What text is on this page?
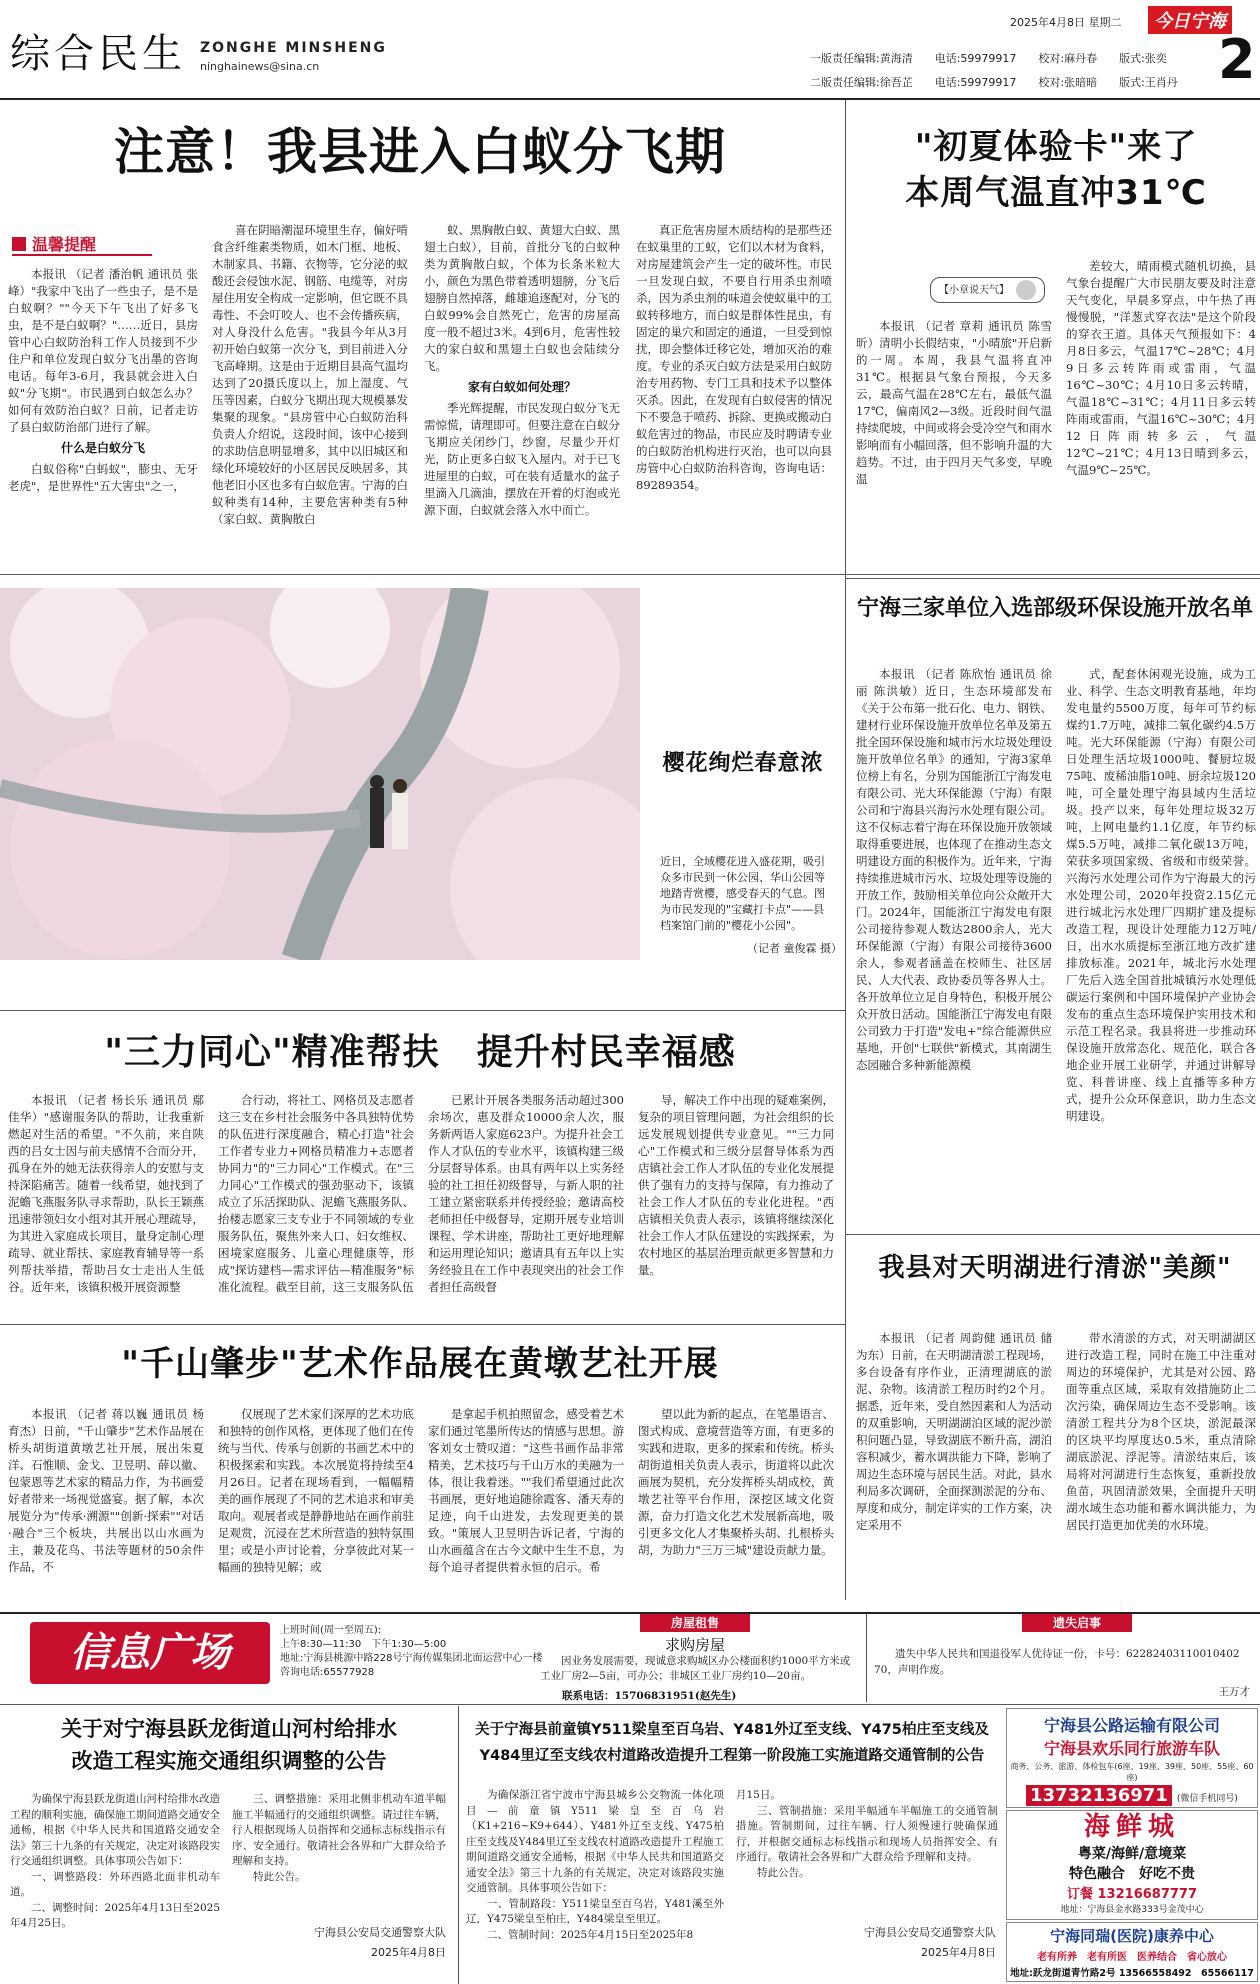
综合民生 ZONGHE MINSHENG
ninghainews@sina.cn
2025年4月8日 星期二	今日宁海
一版责任编辑:黄海清　　电话:59979917　　校对:麻丹春　　版式:张奕
二版责任编辑:徐吾芷　　电话:59979917　　校对:张暗暗　　版式:王肖丹 2
注意！我县进入白蚁分飞期
温馨提醒
本报讯 （记者 潘治帆 通讯员 张峰）"我家中飞出了一些虫子，是不是白蚁啊？""今天下午飞出了好多飞虫，是不是白蚁啊？"……近日，县房管中心白蚁防治科工作人员接到不少住户和单位发现白蚁分飞出墨的咨询电话。每年3-6月，我县就会进入白蚁"分飞期"。市民遇到白蚁怎么办？如何有效防治白蚁？日前，记者走访了县白蚁防治部门进行了解。
什么是白蚁分飞
白蚁俗称"白蚂蚁"，膨虫、无牙老虎"，是世界性"五大害虫"之一，
喜在阴暗潮湿环境里生存，偏好啃食含纤维素类物质，如木门框、地板、木制家具、书籍、衣物等，它分泌的蚁酸还会侵蚀水泥、钢筋、电缆等，对房屋住用安全构成一定影响，但它既不具毒性、不会叮咬人、也不会传播疾病，对人身没什么危害。"我县今年从3月初开始白蚁第一次分飞，到目前进入分飞高峰期。这是由于近期目县高气温均达到了20摄氏度以上，加上湿度、气压等因素，白蚁分飞期出现大规模暴发集聚的现象。"县房管中心白蚁防治科负责人介绍说，这段时间，该中心接到的求助信息明显增多，其中以旧城区和绿化环境较好的小区居民反映居多，其他老旧小区也多有白蚁危害。宁海的白蚁种类有14种，主要危害种类有5种（家白蚁、黄胸散白
蚁、黑胸散白蚁、黄翅大白蚁、黑翅土白蚁），目前，首批分飞的白蚁种类为黄胸散白蚁，个体为长条米粒大小，颜色为黑色带着透明翅膀，分飞后翅膀自然掉落，雌雄追逐配对，分飞的白蚁99%会自然死亡，危害的房屋高度一般不超过3米。4到6月，危害性较大的家白蚁和黑翅土白蚁也会陆续分飞。
家有白蚁如何处理？
季光辉提醒，市民发现白蚁分飞无需惊慌，请理即可。但要注意在白蚁分飞期应关闭纱门，纱窗，尽量少开灯光，防止更多白蚁飞入屋内。对于已飞进屋里的白蚁，可在装有适量水的盆子里滴入几滴油，摆放在开着的灯泡或光源下面，白蚁就会落入水中而亡。
真正危害房屋木质结构的是那些还在蚁巢里的工蚁，它们以木材为食料，对房屋建筑会产生一定的破坏性。市民一旦发现白蚁，不要自行用杀虫剂喷杀，因为杀虫剂的味道会使蚁巢中的工蚁转移地方，而白蚁是群体性昆虫，有固定的巢穴和固定的通道，一旦受到惊扰，即会整体迁移它处，增加灭治的难度。专业的杀灭白蚁方法是采用白蚁防治专用药物、专门工具和技术予以整体灭杀。因此，在发现有白蚁侵害的情况下不要急于喷药、拆除、更换或搬动白蚁危害过的物品，市民应及时聘请专业的白蚁防治机构进行灭治，也可以向县房管中心白蚁防治科咨询，咨询电话：89289354。
"初夏体验卡"来了
本周气温直冲31℃
【小章说天气】
本报讯 （记者 章莉 通讯员 陈雪昕）清明小长假结束，"小晴旅"开启新的一周。本周，我县气温将直冲31℃。根据县气象台预报，今天多云，最高气温在28℃左右，最低气温17℃，偏南风2—3级。近段时间气温持续爬坡，中间或将会受冷空气和雨水影响而有小幅回落，但不影响升温的大趋势。不过，由于四月天气多变，早晚温
差较大，晴雨模式随机切换，县气象台提醒广大市民朋友要及时注意天气变化，早晨多穿点，中午热了再慢慢脱，"洋葱式穿衣法"是这个阶段的穿衣王道。具体天气预报如下：4月8日多云，气温17℃~28℃；4月9日多云转阵雨或雷雨，气温16℃~30℃；4月10日多云转晴，气温18℃~31℃；4月11日多云转阵雨或雷雨，气温16℃~30℃；4月12日阵雨转多云，气温12℃~21℃；4月13日晴到多云，气温9℃~25℃。
樱花绚烂春意浓
近日，全域樱花进入盛花期，吸引众多市民到一休公园、华山公园等地踏青赏樱，感受春天的气息。图为市民发现的"宝藏打卡点"——县档案馆门前的"樱花小公园"。
（记者 童俊霖 摄）
宁海三家单位入选部级环保设施开放名单
本报讯 （记者 陈欣怡 通讯员 徐丽 陈洪敏）近日，生态环境部发布《关于公布第一批石化、电力、钢铁、建材行业环保设施开放单位名单及第五批全国环保设施和城市污水垃圾处理设施开放单位名单》的通知，宁海3家单位榜上有名，分别为国能浙江宁海发电有限公司、光大环保能源（宁海）有限公司和宁海县兴海污水处理有限公司。这不仅标志着宁海在环保设施开放领域取得重要进展，也体现了在推动生态文明建设方面的积极作为。近年来，宁海持续推进城市污水、垃圾处理等设施的开放工作，鼓励相关单位向公众敞开大门。2024年，国能浙江宁海发电有限公司接待参观人数达2800余人，光大环保能源（宁海）有限公司接待3600余人，参观者涵盖在校师生、社区居民、人大代表、政协委员等各界人士。各开放单位立足自身特色，积极开展公众开放日活动。国能浙江宁海发电有限公司致力于打造"发电+"综合能源供应基地，开创"七联供"新模式，其南湖生态园融合多种新能源模
式，配套休闲观光设施，成为工业、科学、生态文明教育基地，年均发电量约5500万度，每年可节约标煤约1.7万吨，减排二氧化碳约4.5万吨。光大环保能源（宁海）有限公司日处理生活垃圾1000吨、餐厨垃圾75吨、废稀油脂10吨、厨余垃圾120吨，可全量处理宁海县域内生活垃圾。投产以来，每年处理垃圾32万吨，上网电量约1.1亿度，年节约标煤5.5万吨，减排二氧化碳13万吨，荣获多项国家级、省级和市级荣誉。兴海污水处理公司作为宁海最大的污水处理公司，2020年投资2.15亿元进行城北污水处理厂四期扩建及提标改造工程，现设计处理能力12万吨/日，出水水质提标至浙江地方改扩建排放标准。2021年，城北污水处理厂先后入选全国首批城镇污水处理低碳运行案例和中国环境保护产业协会发布的重点生态环境保护实用技术和示范工程名录。我县将进一步推动环保设施开放常态化、规范化，联合各地企业开展工业研学，并通过讲解导览、科普讲座、线上直播等多种方式，提升公众环保意识，助力生态文明建设。
"三力同心"精准帮扶　提升村民幸福感
本报讯 （记者 杨长乐 通讯员 鄢佳华）"感谢服务队的帮助，让我重新燃起对生活的希望。"不久前，来自陕西的吕女士因与前夫感情不合而分开，孤身在外的她无法获得亲人的安慰与支持深陷痛苦。随着一线希望，她找到了泥蟾飞燕服务队寻求帮助，队长王颖燕迅速带领妇女小组对其开展心理疏导，为其进入家庭成长项目，量身定制心理疏导、就业帮扶、家庭教育辅导等一系列帮扶举措，帮助吕女士走出人生低谷。近年来，该镇积极开展资源整
合行动，将社工、网格员及志愿者这三支在乡村社会服务中各具独特优势的队伍进行深度融合，精心打造"社会工作者专业力+网格员精准力+志愿者协同力"的"三力同心"工作模式。在"三力同心"工作模式的强劲驱动下，该镇成立了乐活探助队、泥蟾飞燕服务队、抬楼志愿家三支专业于不同领域的专业服务队伍，聚焦外来人口、妇女维权、困境家庭服务、儿童心理健康等，形成"探访建档—需求评估—精准服务"标准化流程。截至目前，这三支服务队伍
已累计开展各类服务活动超过300余场次，惠及群众10000余人次，服务新两语人家庭623户。为提升社会工作人才队伍的专业水平，该镇构建三级分层督导体系。由具有两年以上实务经验的社工担任初级督导，与新人职的社工建立紧密联系并传授经验；邀请高校老师担任中级督导，定期开展专业培训课程、学术讲座，帮助社工更好地理解和运用理论知识；邀请具有五年以上实务经验且在工作中表现突出的社会工作者担任高级督
导，解决工作中出现的疑难案例，复杂的项目管理问题，为社会组织的长远发展规划提供专业意见。""三力同心"工作模式和三级分层督导体系为西店镇社会工作人才队伍的专业化发展提供了强有力的支持与保障，有力推动了社会工作人才队伍的专业化进程。"西店镇相关负责人表示，该镇将继续深化社会工作人才队伍建设的实践探索，为农村地区的基层治理贡献更多智慧和力量。	我县对天明湖进行清淤"美颜"
本报讯 （记者 周韵健 通讯员 储为东）日前，在天明湖清淤工程现场，多台设备有序作业，正清理湖底的淤泥、杂物。该清淤工程历时约2个月。据悉，近年来，受自然因素和人为活动的双重影响，天明湖湖泊区域的泥沙淤积问题凸显，导致湖底不断升高，湖泊容积减少，蓄水调洪能力下降，影响了周边生态环境与居民生活。对此，县水利局多次调研，全面探测淤泥的分布、厚度和成分，制定详实的工作方案，决定采用不
带水清淤的方式，对天明湖湖区进行改造工程，同时在施工中注重对周边的环境保护，尤其是对公园、路面等重点区域，采取有效措施防止二次污染，确保周边生态不受影响。该清淤工程共分为8个区块，淤泥最深的区块平均厚度达0.5米，重点清除湖底淤泥、浮泥等。清淤结束后，该局将对河湖进行生态恢复，重新投放鱼苗，巩固清淤效果，全面提升天明湖水域生态功能和蓄水调洪能力，为居民打造更加优美的水环境。
"千山肇步"艺术作品展在黄墩艺社开展
本报讯 （记者 蒋以巍 通讯员 杨育杰）日前，"千山肇步"艺术作品展在桥头胡街道黄墩艺社开展，展出朱夏洋、石惟顺、金戈、卫昱明、薛以徽、包蒙恩等艺术家的精品力作，为书画爱好者带来一场视觉盛宴。据了解，本次展览分为"传承·溯源""创新·探索""对话·融合"三个板块，共展出以山水画为主，兼及花鸟、书法等题材的50余件作品，不
仅展现了艺术家们深厚的艺术功底和独特的创作风格，更体现了他们在传统与当代、传承与创新的书画艺术中的积极探索和实践。本次展览将持续至4月26日。记者在现场看到，一幅幅精美的画作展现了不同的艺术追求和审美取向。观展者或是静静地站在画作前驻足观赏，沉浸在艺术所营造的独特氛围里；或是小声讨论着，分享彼此对某一幅画的独特见解；或
是拿起手机拍照留念，感受着艺术家们通过笔墨所传达的情感与思想。游客刘女士赞叹道："这些书画作品非常精美，艺术技巧与千山万水的美融为一体，很让我着迷。""我们希望通过此次书画展，更好地追随徐霞客、潘天寿的足迹，向千山进发，去发现更美的景致。"策展人卫昱明告诉记者，宁海的山水画蕴含在古今文献中生生不息，为每个追寻者提供着永恒的启示。希
望以此为新的起点，在笔墨语言、图式构成、意境营造等方面，有更多的实践和进取，更多的探索和传统。桥头胡街道相关负责人表示，街道将以此次画展为契机，充分发挥桥头胡成校，黄墩艺社等平台作用，深挖区域文化资源，奋力打造文化艺术发展新高地，吸引更多文化人才集聚桥头胡、扎根桥头胡，为助力"三万三城"建设贡献力量。
信息广场	上班时间(周一至周五):
上午8:30—11:30　下午1:30—5:00
地址:宁海县桃源中路228号宁海传媒集团北面运营中心一楼
咨询电话:65577928
房屋租售
求购房屋
因业务发展需要，现诚意求购城区办公楼面积约1000平方米或工业厂房2—5亩，可办公；非城区工业厂房约10—20亩。
联系电话：15706831951(赵先生)
遗失启事
遗失中华人民共和国退役军人优待证一份，卡号：62282403110010402​70，声明作废。
王万才
关于对宁海县跃龙街道山河村给排水
改造工程实施交通组织调整的公告
为确保宁海县跃龙街道山河村给排水改造工程的顺利实施，确保施工期间道路交通安全通畅，根据《中华人民共和国道路交通安全法》第三十九条的有关规定，决定对该路段实行交通组织调整。具体事项公告如下：
一、调整路段：外环西路北面非机动车道。
二、调整时间：2025年4月13日至2025年4月25日。
三、调整措施：采用北侧非机动车道半幅施工半幅通行的交通组织调整。请过往车辆，行人根据现场人员指挥和交通标志标线指示有序、安全通行。敬请社会各界和广大群众给予理解和支持。
特此公告。
宁海县公安局交通警察大队
2025年4月8日
关于宁海县前童镇Y511梁皇至百乌岩、Y481外辽至支线、Y475柏庄至支线及
Y484里辽至支线农村道路改造提升工程第一阶段施工实施道路交通管制的公告
为确保浙江省宁波市宁海县城乡公交物流一体化项目—前童镇Y511梁皇至百乌岩（K1+216~K9+644）、Y481外辽至支线、Y475柏庄至支线及Y484里辽至支线农村道路改造提升工程施工期间道路交通安全通畅，根据《中华人民共和国道路交通安全法》第三十九条的有关规定，决定对该路段实施交通管制。具体事项公告如下：
一、管制路段：Y511梁皇至百乌岩，Y481溪至外辽，Y475梁皇至柏庄，Y484梁皇至里辽。
二、管制时间：2025年4月15日至2025年8
月15日。
三、管制措施：采用半幅通车半幅施工的交通管制措施。管制期间，过往车辆、行人须慢速行驶确保通行，并根据交通标志标线指示和现场人员指挥安全、有序通行。敬请社会各界和广大群众给予理解和支持。
特此公告。
宁海县公安局交通警察大队
2025年4月8日
宁海县公路运输有限公司
宁海县欢乐同行旅游车队
商务、公务、旅游、体检包车(6座、19座、39座、50座、55座、60座)
13732136971 (微信手机同号)
海鲜城
粤菜/海鲜/意境菜
特色融合　好吃不贵
订餐 13216687777
地址：宁海县金水路333号金茂中心
宁海同瑞(医院)康养中心
老有所养　老有所医　医养结合　省心放心
地址:跃龙街道青竹路2号 13566558492　65566117
